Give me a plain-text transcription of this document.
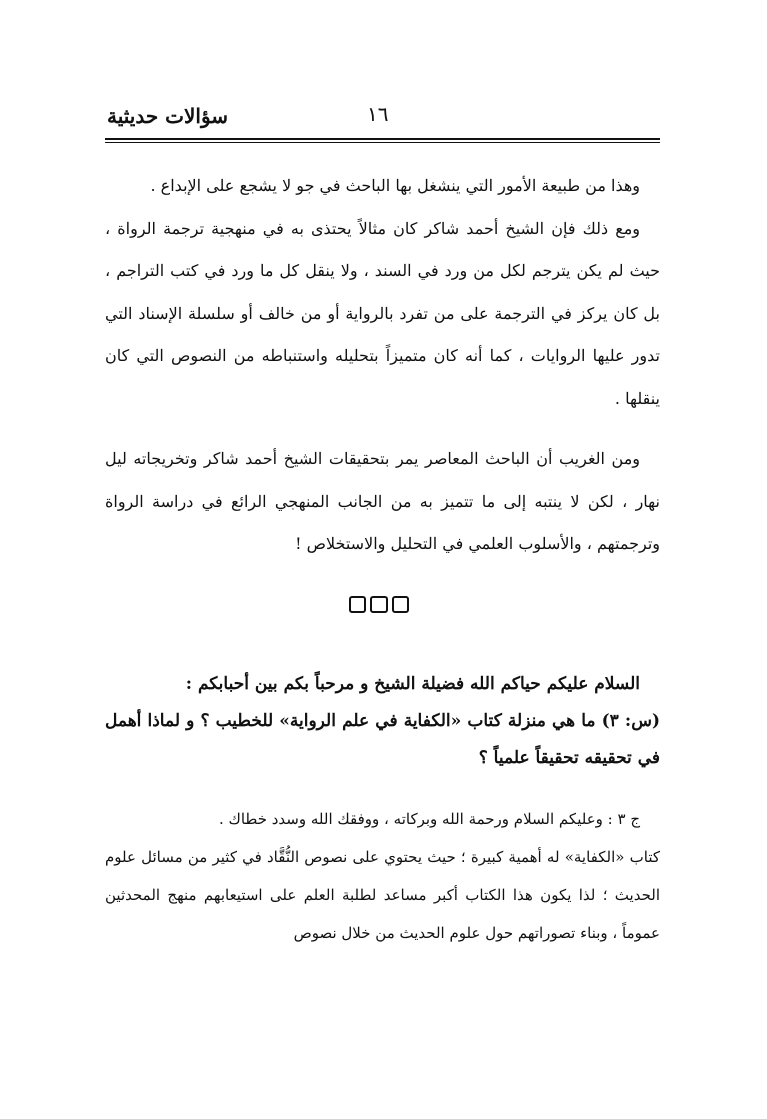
سؤالات حديثية	١٦

وهذا من طبيعة الأمور التي ينشغل بها الباحث في جو لا يشجع على الإبداع .

ومع ذلك فإن الشيخ أحمد شاكر كان مثالاً يحتذى به في منهجية ترجمة الرواة ، حيث لم يكن يترجم لكل من ورد في السند ، ولا ينقل كل ما ورد في كتب التراجم ، بل كان يركز في الترجمة على من تفرد بالرواية أو من خالف أو سلسلة الإسناد التي تدور عليها الروايات ، كما أنه كان متميزاً بتحليله واستنباطه من النصوص التي كان ينقلها .

ومن الغريب أن الباحث المعاصر يمر بتحقيقات الشيخ أحمد شاكر وتخريجاته ليل نهار ، لكن لا ينتبه إلى ما تتميز به من الجانب المنهجي الرائع في دراسة الرواة وترجمتهم ، والأسلوب العلمي في التحليل والاستخلاص !

السلام عليكم حياكم الله فضيلة الشيخ و مرحباً بكم بين أحبابكم :

(س: ٣) ما هي منزلة كتاب «الكفاية في علم الرواية» للخطيب ؟ و لماذا أهمل في تحقيقه تحقيقاً علمياً ؟

ج ٣ : وعليكم السلام ورحمة الله وبركاته ، ووفقك الله وسدد خطاك .

كتاب «الكفاية» له أهمية كبيرة ؛ حيث يحتوي على نصوص النُّقَّاد في كثير من مسائل علوم الحديث ؛ لذا يكون هذا الكتاب أكبر مساعد لطلبة العلم على استيعابهم منهج المحدثين عموماً ، وبناء تصوراتهم حول علوم الحديث من خلال نصوص
